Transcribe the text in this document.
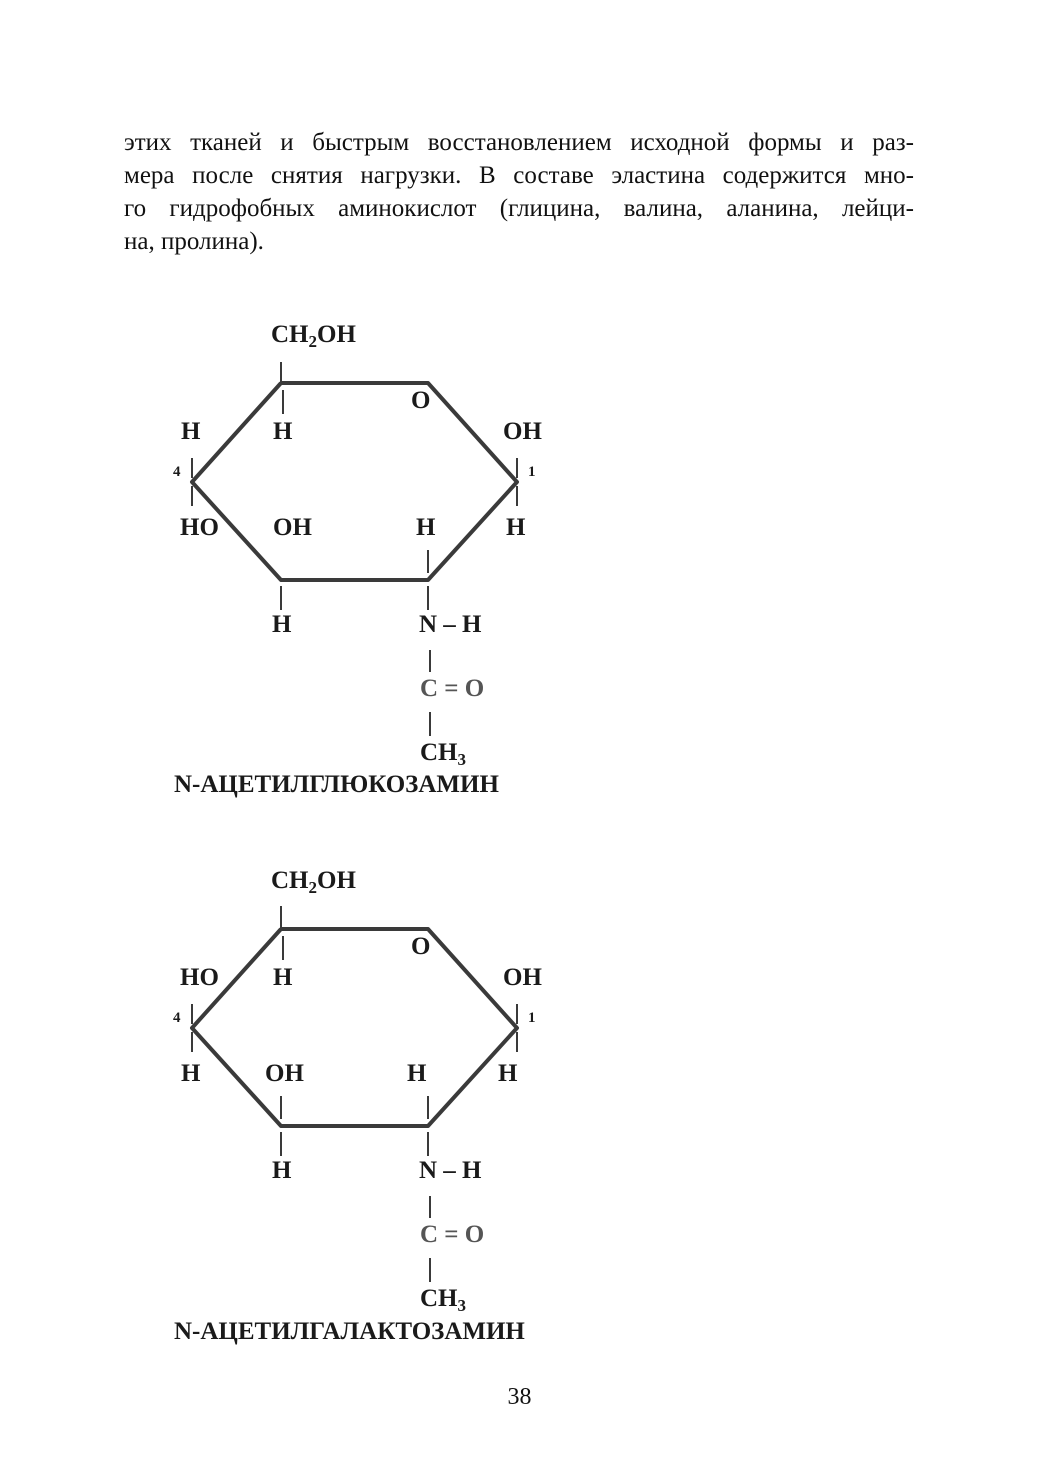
этих тканей и быстрым восстановлением исходной формы и раз-
мера после снятия нагрузки. В составе эластина содержится мно-
го гидрофобных аминокислот (глицина, валина, аланина, лейци-
на, пролина).
$CH_2OH$
O
H	H	OH
4	1
HO OH	H	H
H	N – H
C = O
$CH_3$
N-АЦЕТИЛГЛЮКОЗАМИН
$CH_2OH$
O
HO H	OH
4	1
H	OH	H	H
H	N – H
C = O
$CH_3$
N-АЦЕТИЛГАЛАКТОЗАМИН
38
